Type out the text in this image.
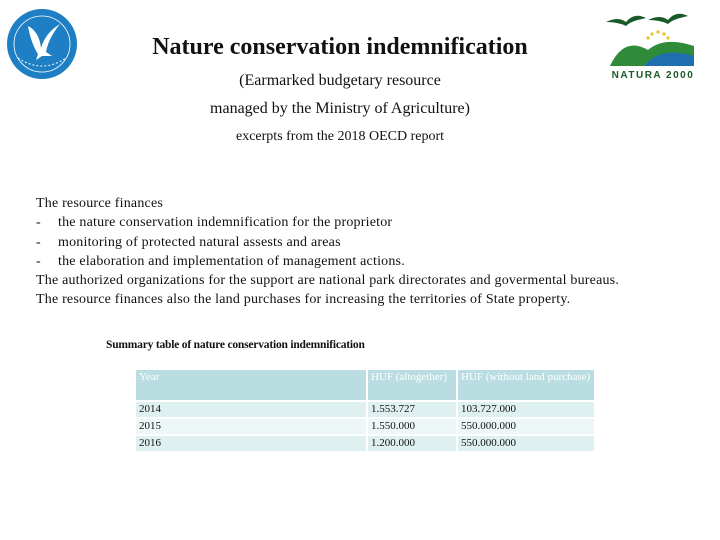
NATURA 2000
Nature conservation indemnification
(Earmarked budgetary resource
managed by the Ministry of Agriculture)
excerpts from the 2018 OECD report
The resource finances
- the nature conservation indemnification for the proprietor
- monitoring of protected natural assests and areas
- the elaboration and implementation of management actions.
The authorized organizations for the support are national park directorates and govermental bureaus.
The resource finances also the land purchases for increasing the territories of State property.
Summary table of nature conservation indemnification
Year	HUF (altogether)	HUF (without land purchase)
2014	1.553.727	103.727.000
2015	1.550.000	550.000.000
2016	1.200.000	550.000.000
